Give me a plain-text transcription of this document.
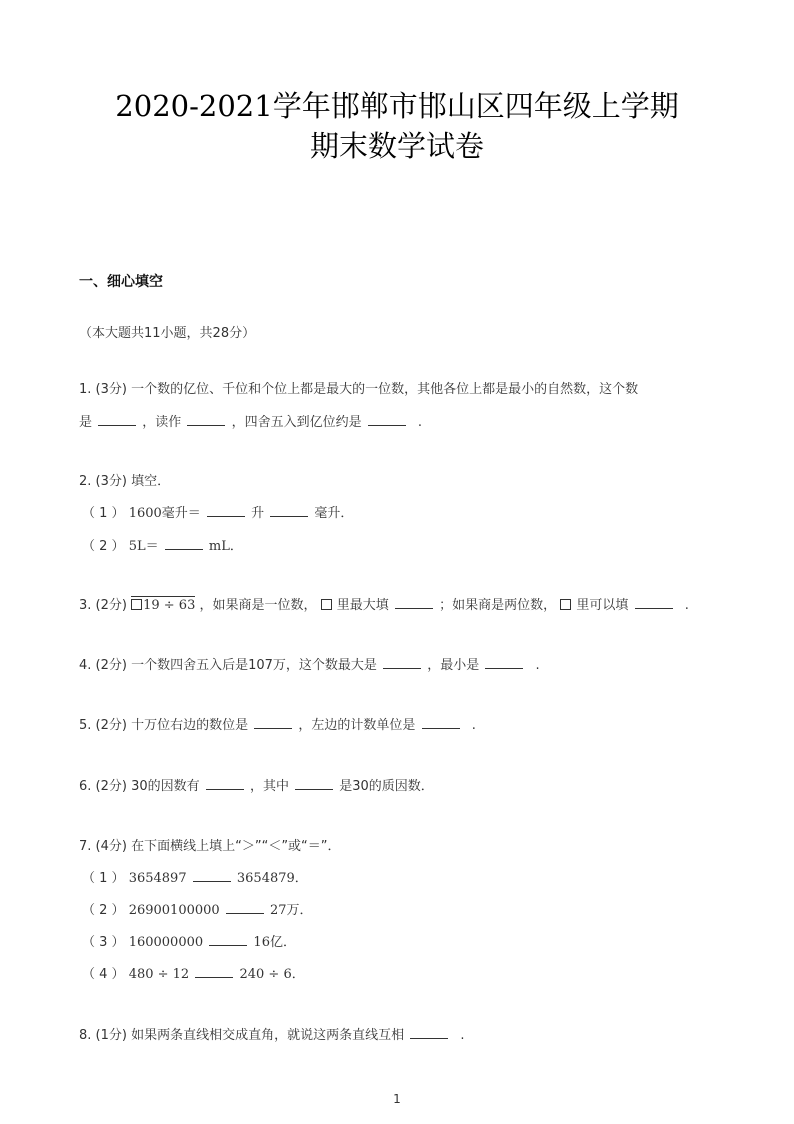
2020-2021学年邯郸市邯山区四年级上学期
期末数学试卷
一、细心填空
（本大题共11小题，共28分）
1. (3分) 一个数的亿位、千位和个位上都是最大的一位数，其他各位上都是最小的自然数，这个数
是	，读作	，四舍五入到亿位约是	.
2. (3分) 填空．
（ 1 ） 1600毫升＝	升	毫升．
（ 2 ） 5L＝	mL．
3. (2分) 19 ÷ 63 ，如果商是一位数， 里最大填	；如果商是两位数， 里可以填	.
4. (2分) 一个数四舍五入后是107万，这个数最大是	，最小是	.
5. (2分) 十万位右边的数位是	，左边的计数单位是	.
6. (2分) 30的因数有	，其中	是30的质因数．
7. (4分) 在下面横线上填上“＞”“＜”或“＝”．
（ 1 ） 3654897	3654879．
（ 2 ） 26900100000	27万．
（ 3 ） 160000000	16亿．
（ 4 ） 480 ÷ 12	240 ÷ 6．
8. (1分) 如果两条直线相交成直角，就说这两条直线互相	.
1
